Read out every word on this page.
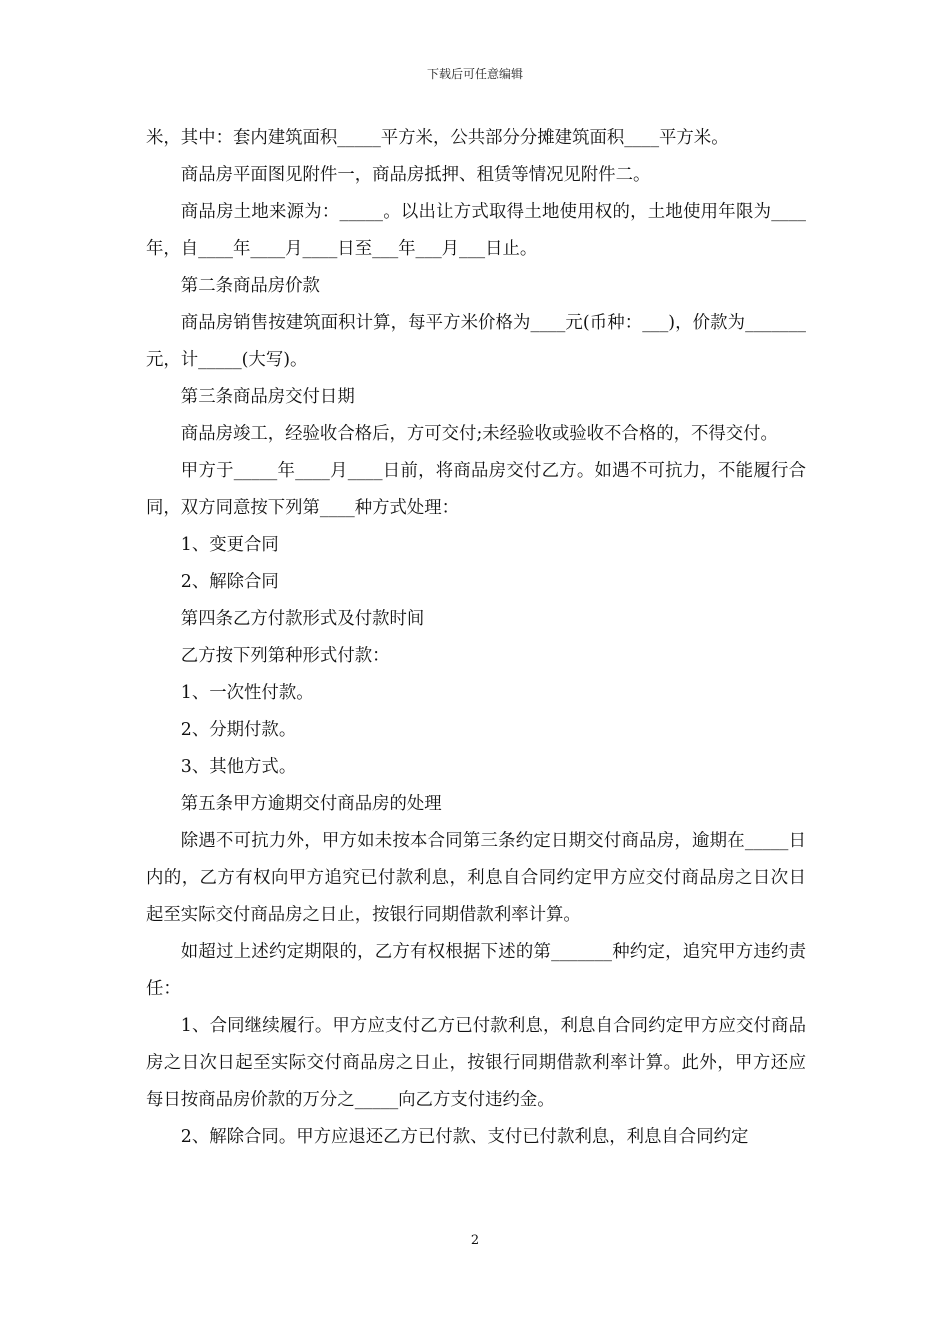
下载后可任意编辑

米，其中：套内建筑面积_____平方米，公共部分分摊建筑面积____平方米。

商品房平面图见附件一，商品房抵押、租赁等情况见附件二。

商品房土地来源为：_____。以出让方式取得土地使用权的，土地使用年限为____年，自____年____月____日至___年___月___日止。

第二条商品房价款

商品房销售按建筑面积计算，每平方米价格为____元(币种：___)，价款为_______元，计_____(大写)。

第三条商品房交付日期

商品房竣工，经验收合格后，方可交付;未经验收或验收不合格的，不得交付。

甲方于_____年____月____日前，将商品房交付乙方。如遇不可抗力，不能履行合同，双方同意按下列第____种方式处理：

1、变更合同

2、解除合同

第四条乙方付款形式及付款时间

乙方按下列第种形式付款：

1、一次性付款。

2、分期付款。

3、其他方式。

第五条甲方逾期交付商品房的处理

除遇不可抗力外，甲方如未按本合同第三条约定日期交付商品房，逾期在_____日内的，乙方有权向甲方追究已付款利息，利息自合同约定甲方应交付商品房之日次日起至实际交付商品房之日止，按银行同期借款利率计算。

如超过上述约定期限的，乙方有权根据下述的第_______种约定，追究甲方违约责任：

1、合同继续履行。甲方应支付乙方已付款利息，利息自合同约定甲方应交付商品房之日次日起至实际交付商品房之日止，按银行同期借款利率计算。此外，甲方还应每日按商品房价款的万分之_____向乙方支付违约金。

2、解除合同。甲方应退还乙方已付款、支付已付款利息，利息自合同约定

2
